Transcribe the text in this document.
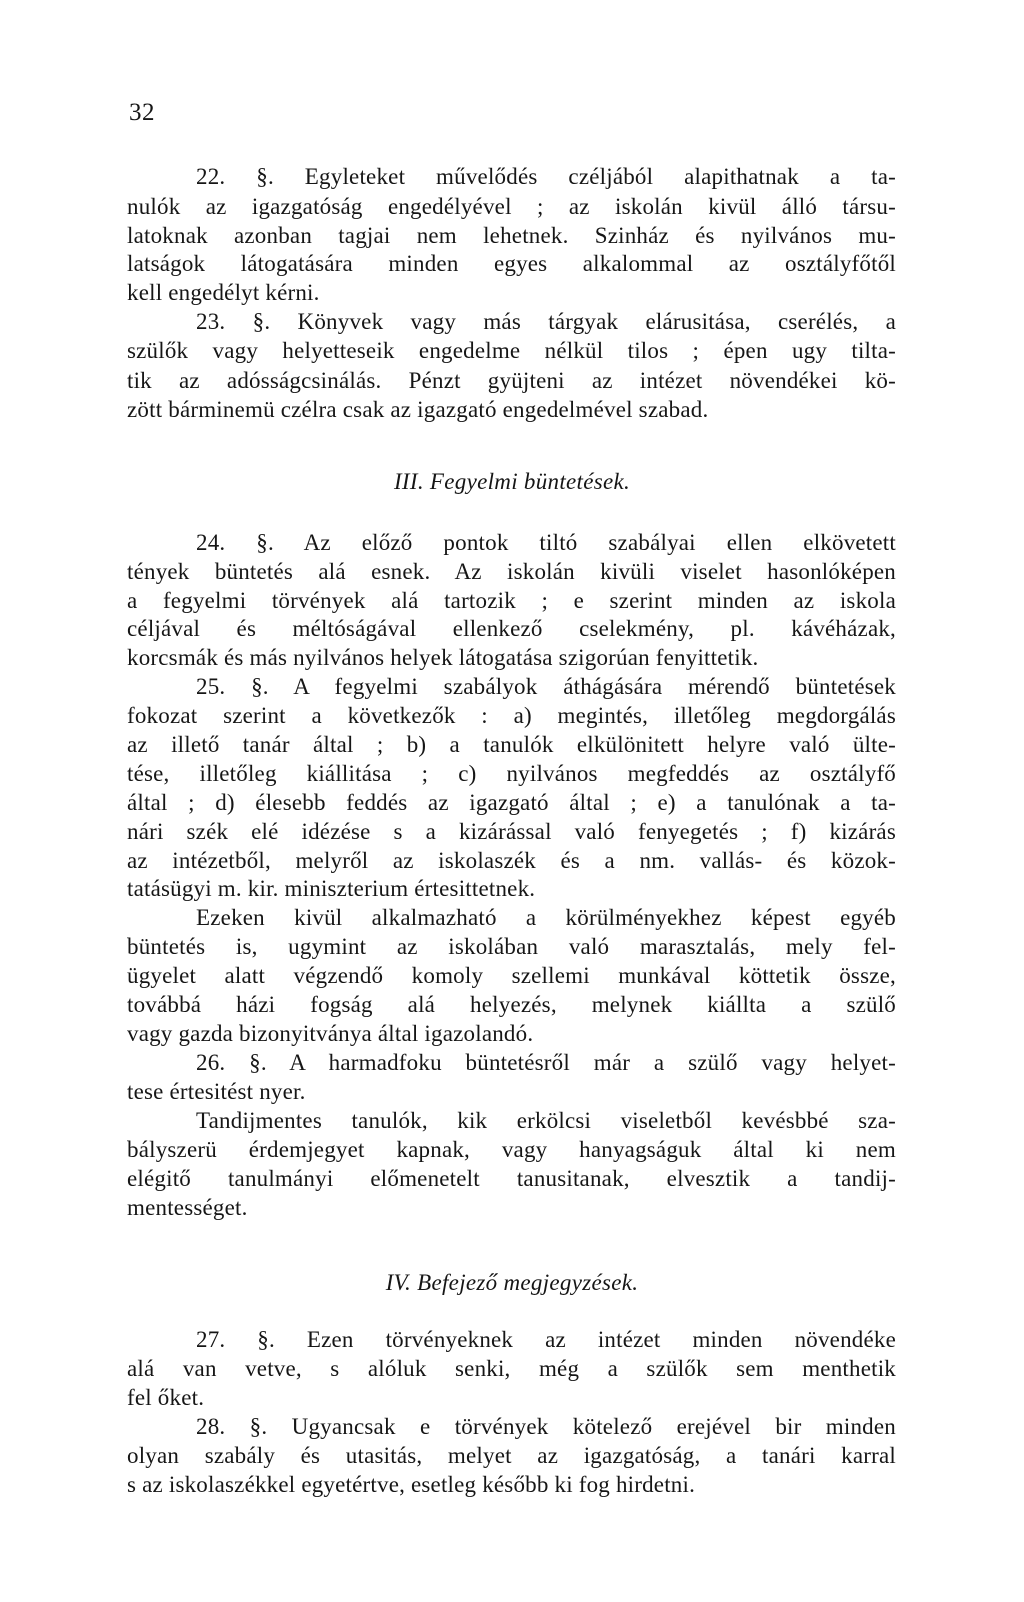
32
22. §. Egyleteket művelődés czéljából alapithatnak a ta-
nulók az igazgatóság engedélyével ; az iskolán kivül álló társu-
latoknak azonban tagjai nem lehetnek. Szinház és nyilvános mu-
latságok látogatására minden egyes alkalommal az osztályfőtől
kell engedélyt kérni.
23. §. Könyvek vagy más tárgyak elárusitása, cserélés, a
szülők vagy helyetteseik engedelme nélkül tilos ; épen ugy tilta-
tik az adósságcsinálás. Pénzt gyüjteni az intézet növendékei kö-
zött bárminemü czélra csak az igazgató engedelmével szabad.
III. Fegyelmi büntetések.
24. §. Az előző pontok tiltó szabályai ellen elkövetett
tények büntetés alá esnek. Az iskolán kivüli viselet hasonlóképen
a fegyelmi törvények alá tartozik ; e szerint minden az iskola
céljával és méltóságával ellenkező cselekmény, pl. kávéházak,
korcsmák és más nyilvános helyek látogatása szigorúan fenyittetik.
25. §. A fegyelmi szabályok áthágására mérendő büntetések
fokozat szerint a következők : a) megintés, illetőleg megdorgálás
az illető tanár által ; b) a tanulók elkülönitett helyre való ülte-
tése, illetőleg kiállitása ; c) nyilvános megfeddés az osztályfő
által ; d) élesebb feddés az igazgató által ; e) a tanulónak a ta-
nári szék elé idézése s a kizárással való fenyegetés ; f) kizárás
az intézetből, melyről az iskolaszék és a nm. vallás- és közok-
tatásügyi m. kir. miniszterium értesittetnek.
Ezeken kivül alkalmazható a körülményekhez képest egyéb
büntetés is, ugymint az iskolában való marasztalás, mely fel-
ügyelet alatt végzendő komoly szellemi munkával köttetik össze,
továbbá házi fogság alá helyezés, melynek kiállta a szülő
vagy gazda bizonyitványa által igazolandó.
26. §. A harmadfoku büntetésről már a szülő vagy helyet-
tese értesitést nyer.
Tandijmentes tanulók, kik erkölcsi viseletből kevésbbé sza-
bályszerü érdemjegyet kapnak, vagy hanyagságuk által ki nem
elégitő tanulmányi előmenetelt tanusitanak, elvesztik a tandij-
mentességet.
IV. Befejező megjegyzések.
27. §. Ezen törvényeknek az intézet minden növendéke
alá van vetve, s alóluk senki, még a szülők sem menthetik
fel őket.
28. §. Ugyancsak e törvények kötelező erejével bir minden
olyan szabály és utasitás, melyet az igazgatóság, a tanári karral
s az iskolaszékkel egyetértve, esetleg később ki fog hirdetni.
